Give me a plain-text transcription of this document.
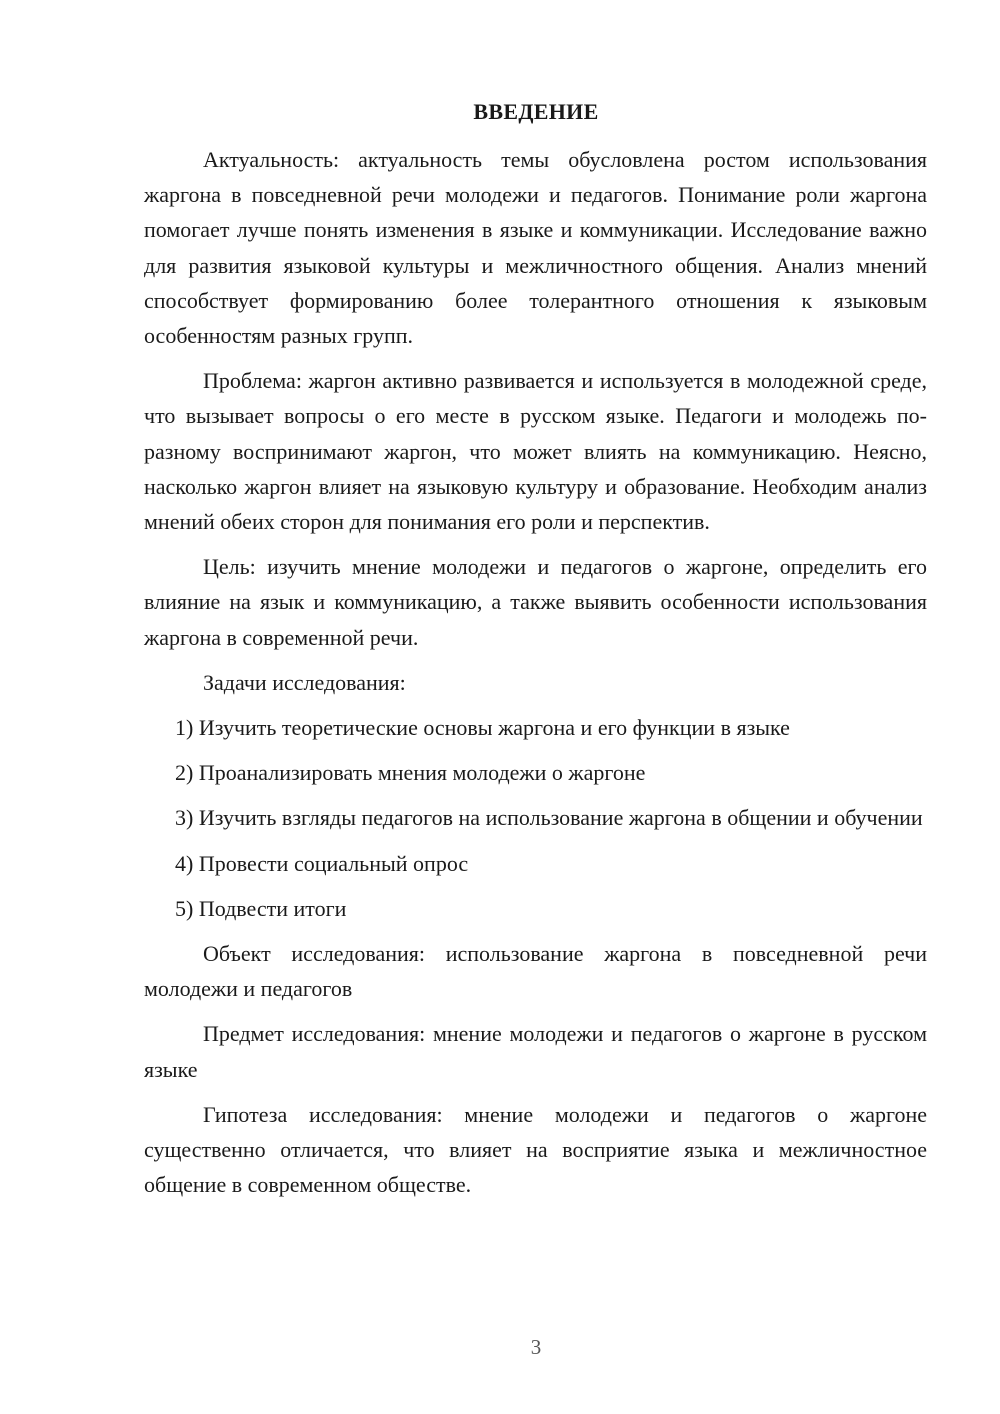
ВВЕДЕНИЕ

Актуальность: актуальность темы обусловлена ростом использования жаргона в повседневной речи молодежи и педагогов. Понимание роли жаргона помогает лучше понять изменения в языке и коммуникации. Исследование важно для развития языковой культуры и межличностного общения. Анализ мнений способствует формированию более толерантного отношения к языковым особенностям разных групп.

Проблема: жаргон активно развивается и используется в молодежной среде, что вызывает вопросы о его месте в русском языке. Педагоги и молодежь по-разному воспринимают жаргон, что может влиять на коммуникацию. Неясно, насколько жаргон влияет на языковую культуру и образование. Необходим анализ мнений обеих сторон для понимания его роли и перспектив.

Цель: изучить мнение молодежи и педагогов о жаргоне, определить его влияние на язык и коммуникацию, а также выявить особенности использования жаргона в современной речи.

Задачи исследования:

1) Изучить теоретические основы жаргона и его функции в языке

2) Проанализировать мнения молодежи о жаргоне

3) Изучить взгляды педагогов на использование жаргона в общении и обучении

4) Провести социальный опрос

5) Подвести итоги

Объект исследования: использование жаргона в повседневной речи молодежи и педагогов

Предмет исследования: мнение молодежи и педагогов о жаргоне в русском языке

Гипотеза исследования: мнение молодежи и педагогов о жаргоне существенно отличается, что влияет на восприятие языка и межличностное общение в современном обществе.

3
